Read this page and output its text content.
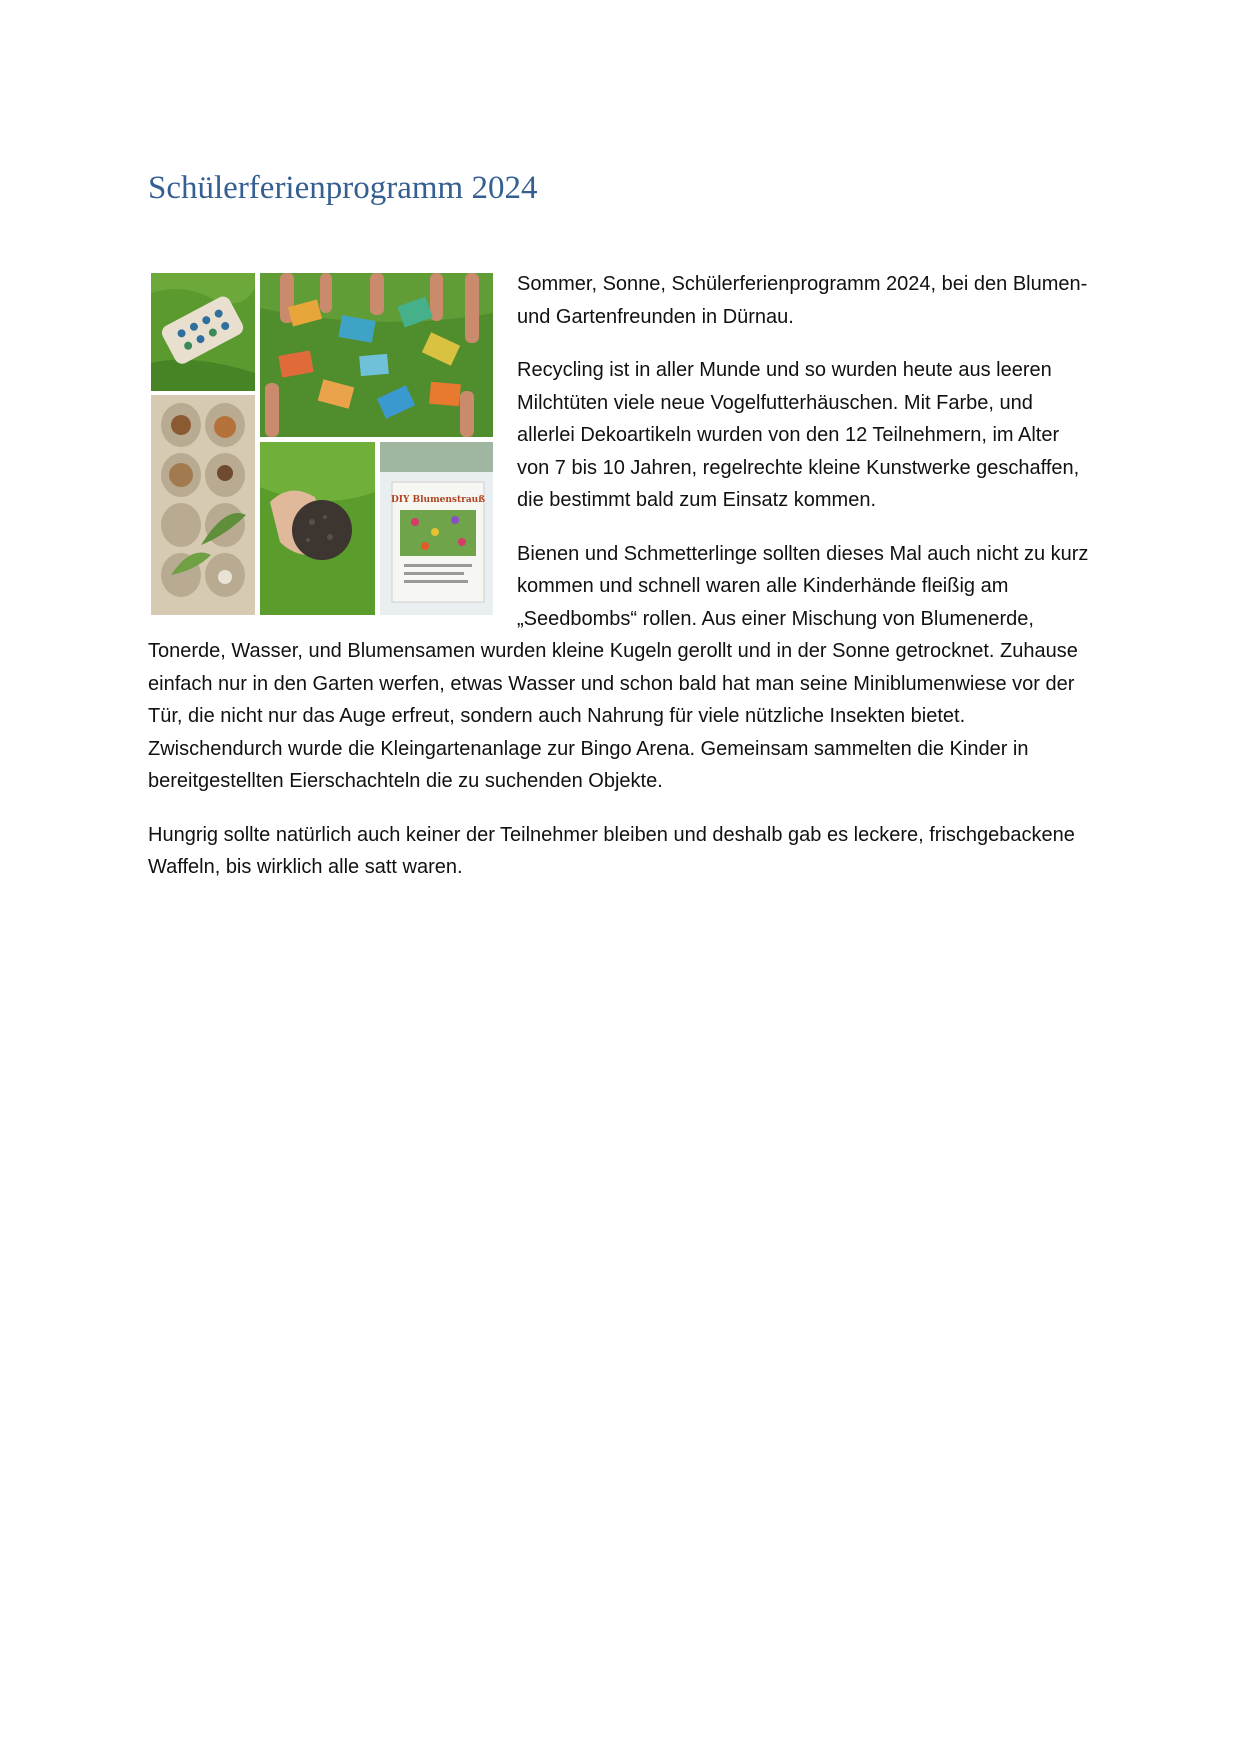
Schülerferienprogramm 2024
DIY Blumenstrauß

Sommer, Sonne, Schülerferienprogramm 2024, bei den Blumen- und Gartenfreunden in Dürnau.

Recycling ist in aller Munde und so wurden heute aus leeren Milchtüten viele neue Vogelfutterhäuschen. Mit Farbe, und allerlei Dekoartikeln wurden von den 12 Teilnehmern, im Alter von 7 bis 10 Jahren, regelrechte kleine Kunstwerke geschaffen, die bestimmt bald zum Einsatz kommen.

Bienen und Schmetterlinge sollten dieses Mal auch nicht zu kurz kommen und schnell waren alle Kinderhände fleißig am „Seedbombs“ rollen. Aus einer Mischung von Blumenerde, Tonerde, Wasser, und Blumensamen wurden kleine Kugeln gerollt und in der Sonne getrocknet. Zuhause einfach nur in den Garten werfen, etwas Wasser und schon bald hat man seine Miniblumenwiese vor der Tür, die nicht nur das Auge erfreut, sondern auch Nahrung für viele nützliche Insekten bietet. Zwischendurch wurde die Kleingartenanlage zur Bingo Arena. Gemeinsam sammelten die Kinder in bereitgestellten Eierschachteln die zu suchenden Objekte.

Hungrig sollte natürlich auch keiner der Teilnehmer bleiben und deshalb gab es leckere, frischgebackene Waffeln, bis wirklich alle satt waren.
